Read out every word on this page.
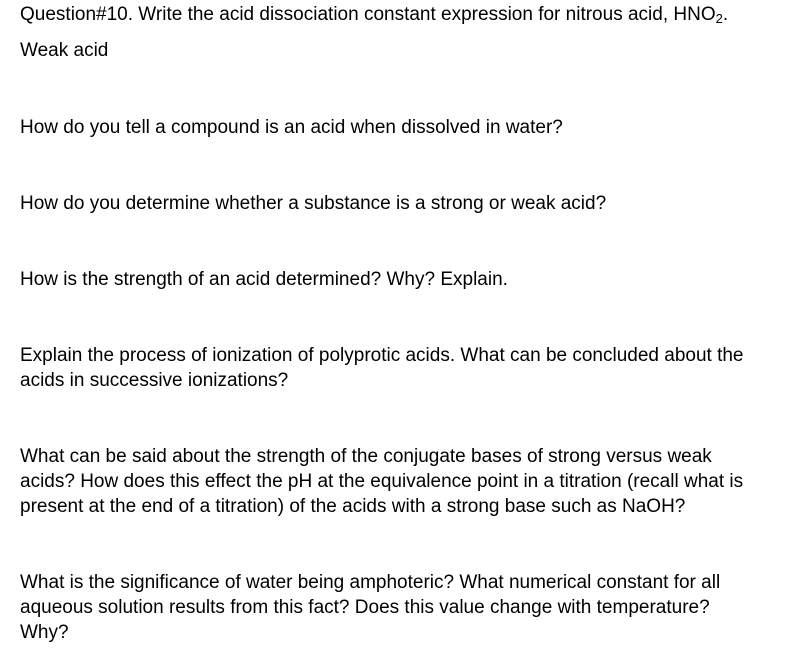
Question#10. Write the acid dissociation constant expression for nitrous acid, $HNO_2$.

Weak acid

How do you tell a compound is an acid when dissolved in water?
How do you determine whether a substance is a strong or weak acid?
How is the strength of an acid determined? Why? Explain.
Explain the process of ionization of polyprotic acids. What can be concluded about the
acids in successive ionizations?
What can be said about the strength of the conjugate bases of strong versus weak
acids? How does this effect the pH at the equivalence point in a titration (recall what is
present at the end of a titration) of the acids with a strong base such as NaOH?
What is the significance of water being amphoteric? What numerical constant for all
aqueous solution results from this fact? Does this value change with temperature?
Why?
